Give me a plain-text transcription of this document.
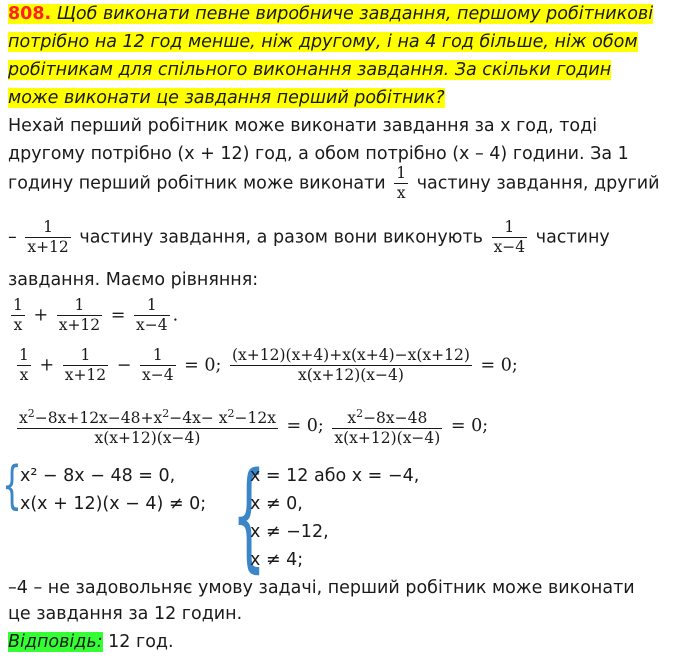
808. Щоб виконати певне виробниче завдання, першому робітникові
потрібно на 12 год менше, ніж другому, і на 4 год більше, ніж обом
робітникам для спільного виконання завдання. За скільки годин
може виконати це завдання перший робітник?
Нехай перший робітник може виконати завдання за х год, тоді
другому потрібно (х + 12) год, а обом потрібно (х – 4) години. За 1
годину перший робітник може виконати $\frac{1}{x}$ частину завдання, другий
– $\frac{1}{x+12}$ частину завдання, а разом вони виконують $\frac{1}{x-4}$ частину
завдання. Маємо рівняння:
$\frac{1}{x} + \frac{1}{x+12} = \frac{1}{x-4}$ .
$\frac{1}{x} + \frac{1}{x+12} - \frac{1}{x-4} = 0$; $\frac{(x+12)(x+4)+x(x+4)-x(x+12)}{x(x+12)(x-4)} = 0$;
$\frac{x^2-8x+12x-48+x^2-4x- x^2-12x}{x(x+12)(x-4)} = 0$; $\frac{x^2-8x-48}{x(x+12)(x-4)} = 0$;
{
x² − 8x − 48 = 0,
x(x + 12)(x − 4) ≠ 0; {
x = 12 або x = −4,
x ≠ 0,
x ≠ −12,
x ≠ 4;
–4 – не задовольняє умову задачі, перший робітник може виконати
це завдання за 12 годин.
Відповідь: 12 год.
